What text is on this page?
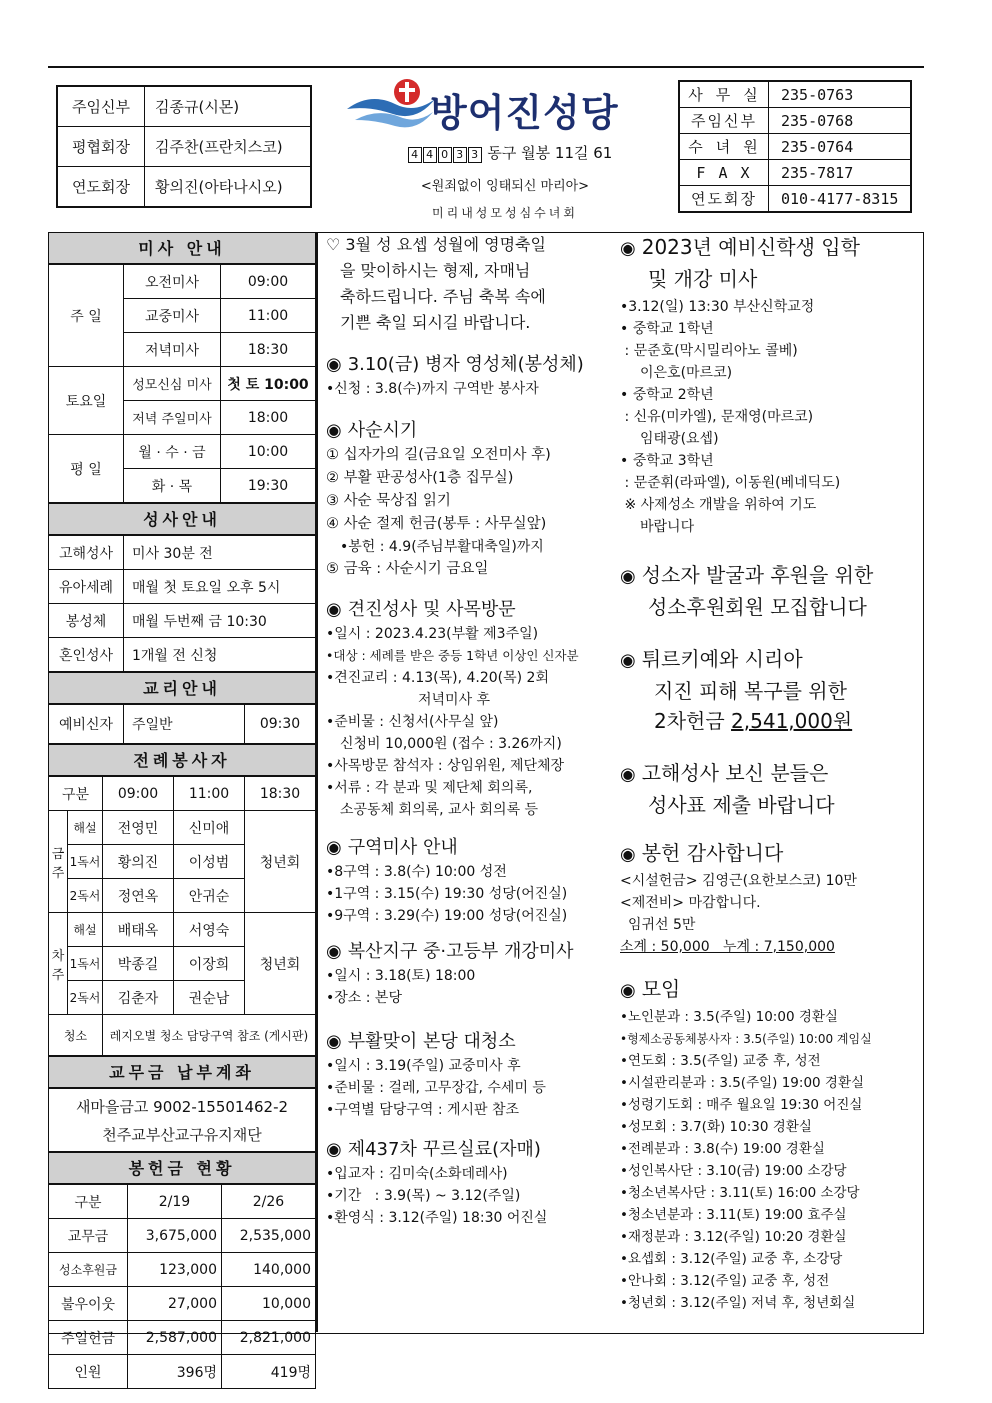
주임신부	김종규(시몬)
평협회장	김주찬(프란치스코)
연도회장	황의진(아타나시오)
방어진성당
4 4 0 3 3 동구 월봉 11길 61
<원죄없이 잉태되신 마리아>
미리내성모성심수녀회
사 무 실	235-0763
주임신부	235-0768
수 녀 원	235-0764
F A X	235-7817
연도회장	010-4177-8315
미사 안내
주 일	오전미사	09:00
	교중미사	11:00
	저녁미사	18:30
토요일	성모신심 미사	첫 토 10:00
	저녁 주일미사	18:00
평 일	월 · 수 · 금	10:00
	화 · 목	19:30
성사안내
고해성사	미사 30분 전
유아세례	매월 첫 토요일 오후 5시
봉성체	매월 두번째 금 10:30
혼인성사	1개월 전 신청
교리안내
예비신자	주일반	09:30
전례봉사자
구분		09:00	11:00	18:30
금주	해설	전영민	신미애	청년회
	1독서	황의진	이성범	
	2독서	정연옥	안귀순	
차주	해설	배태옥	서영숙	청년회
	1독서	박종길	이장희	
	2독서	김춘자	권순남	
청소		레지오별 청소 담당구역 참조 (게시판)		
교무금 납부계좌
새마을금고 9002-15501462-2
천주교부산교구유지재단
봉헌금 현황
구분	2/19	2/26
교무금	3,675,000	2,535,000
성소후원금	123,000	140,000
불우이웃	27,000	10,000
주일헌금	2,587,000	2,821,000
인원	396명	419명
♡ 3월 성 요셉 성월에 영명축일
을 맞이하시는 형제, 자매님
축하드립니다. 주님 축복 속에
기쁜 축일 되시길 바랍니다.
◉ 3.10(금) 병자 영성체(봉성체)
•신청 : 3.8(수)까지 구역반 봉사자
◉ 사순시기
① 십자가의 길(금요일 오전미사 후)
② 부활 판공성사(1층 집무실)
③ 사순 묵상집 읽기
④ 사순 절제 헌금(봉투 : 사무실앞)
•봉헌 : 4.9(주님부활대축일)까지
⑤ 금육 : 사순시기 금요일
◉ 견진성사 및 사목방문
•일시 : 2023.4.23(부활 제3주일)
•대상 : 세례를 받은 중등 1학년 이상인 신자분
•견진교리 : 4.13(목), 4.20(목) 2회
저녁미사 후
•준비물 : 신청서(사무실 앞)
신청비 10,000원 (접수 : 3.26까지)
•사목방문 참석자 : 상임위원, 제단체장
•서류 : 각 분과 및 제단체 회의록,
소공동체 회의록, 교사 회의록 등
◉ 구역미사 안내
•8구역 : 3.8(수) 10:00 성전
•1구역 : 3.15(수) 19:30 성당(어진실)
•9구역 : 3.29(수) 19:00 성당(어진실)
◉ 복산지구 중·고등부 개강미사
•일시 : 3.18(토) 18:00
•장소 : 본당
◉ 부활맞이 본당 대청소
•일시 : 3.19(주일) 교중미사 후
•준비물 : 걸레, 고무장갑, 수세미 등
•구역별 담당구역 : 게시판 참조
◉ 제437차 꾸르실료(자매)
•입교자 : 김미숙(소화데레사)
•기간   : 3.9(목) ~ 3.12(주일)
•환영식 : 3.12(주일) 18:30 어진실
◉ 2023년 예비신학생 입학
및 개강 미사
•3.12(일) 13:30 부산신학교정
• 중학교 1학년
: 문준호(막시밀리아노 콜베)
이은호(마르코)
• 중학교 2학년
: 신유(미카엘), 문재영(마르코)
임태광(요셉)
• 중학교 3학년
: 문준휘(라파엘), 이동원(베네딕도)
※ 사제성소 개발을 위하여 기도
바랍니다
◉ 성소자 발굴과 후원을 위한
성소후원회원 모집합니다
◉ 튀르키예와 시리아
지진 피해 복구를 위한
2차헌금 2,541,000원
◉ 고해성사 보신 분들은
성사표 제출 바랍니다
◉ 봉헌 감사합니다
<시설헌금> 김영근(요한보스코) 10만
<제전비> 마감합니다.
임귀선 5만
소계 : 50,000   누계 : 7,150,000
◉ 모임
•노인분과 : 3.5(주일) 10:00 경환실
•형제소공동체봉사자 : 3.5(주일) 10:00 계임실
•연도회 : 3.5(주일) 교중 후, 성전
•시설관리분과 : 3.5(주일) 19:00 경환실
•성령기도회 : 매주 월요일 19:30 어진실
•성모회 : 3.7(화) 10:30 경환실
•전례분과 : 3.8(수) 19:00 경환실
•성인복사단 : 3.10(금) 19:00 소강당
•청소년복사단 : 3.11(토) 16:00 소강당
•청소년분과 : 3.11(토) 19:00 효주실
•재정분과 : 3.12(주일) 10:20 경환실
•요셉회 : 3.12(주일) 교중 후, 소강당
•안나회 : 3.12(주일) 교중 후, 성전
•청년회 : 3.12(주일) 저녁 후, 청년회실
